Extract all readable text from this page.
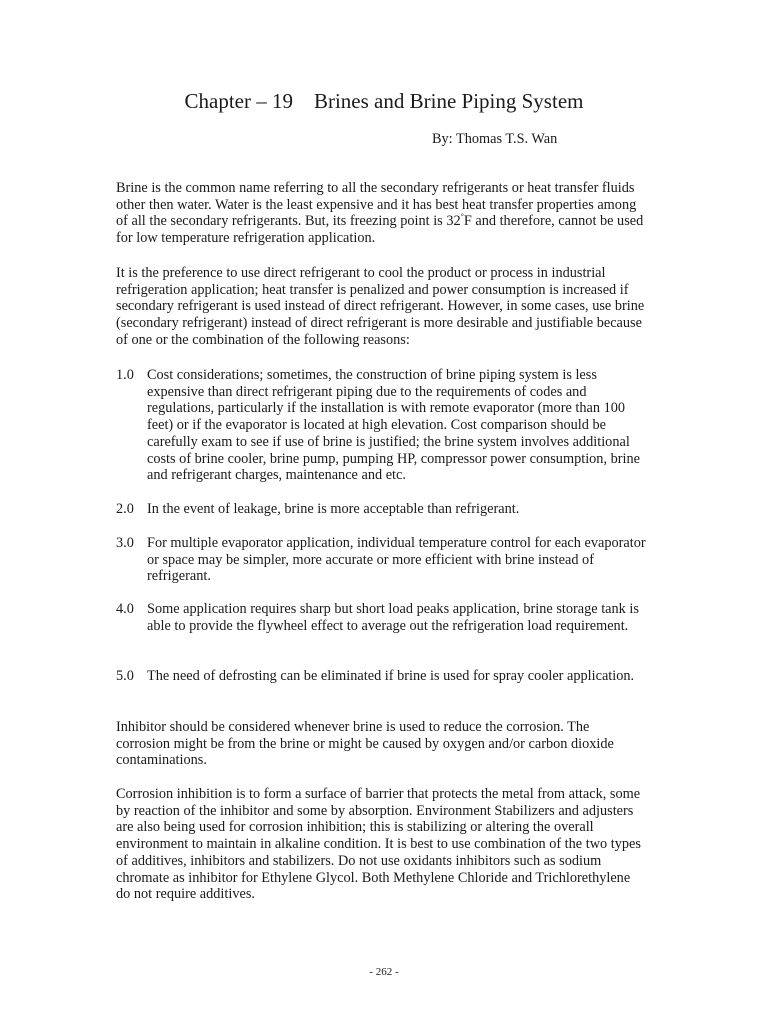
Chapter – 19    Brines and Brine Piping System
By: Thomas T.S. Wan

Brine is the common name referring to all the secondary refrigerants or heat transfer fluids other then water. Water is the least expensive and it has best heat transfer properties among of all the secondary refrigerants. But, its freezing point is 32°F and therefore, cannot be used for low temperature refrigeration application.

It is the preference to use direct refrigerant to cool the product or process in industrial refrigeration application; heat transfer is penalized and power consumption is increased if secondary refrigerant is used instead of direct refrigerant. However, in some cases, use brine (secondary refrigerant) instead of direct refrigerant is more desirable and justifiable because of one or the combination of the following reasons:

1.0 Cost considerations; sometimes, the construction of brine piping system is less expensive than direct refrigerant piping due to the requirements of codes and regulations, particularly if the installation is with remote evaporator (more than 100 feet) or if the evaporator is located at high elevation. Cost comparison should be carefully exam to see if use of brine is justified; the brine system involves additional costs of brine cooler, brine pump, pumping HP, compressor power consumption, brine and refrigerant charges, maintenance and etc.
2.0 In the event of leakage, brine is more acceptable than refrigerant.
3.0 For multiple evaporator application, individual temperature control for each evaporator or space may be simpler, more accurate or more efficient with brine instead of refrigerant.
4.0 Some application requires sharp but short load peaks application, brine storage tank is able to provide the flywheel effect to average out the refrigeration load requirement.
5.0 The need of defrosting can be eliminated if brine is used for spray cooler application.

Inhibitor should be considered whenever brine is used to reduce the corrosion. The corrosion might be from the brine or might be caused by oxygen and/or carbon dioxide contaminations.

Corrosion inhibition is to form a surface of barrier that protects the metal from attack, some by reaction of the inhibitor and some by absorption. Environment Stabilizers and adjusters are also being used for corrosion inhibition; this is stabilizing or altering the overall environment to maintain in alkaline condition. It is best to use combination of the two types of additives, inhibitors and stabilizers. Do not use oxidants inhibitors such as sodium chromate as inhibitor for Ethylene Glycol. Both Methylene Chloride and Trichlorethylene do not require additives.

- 262 -
